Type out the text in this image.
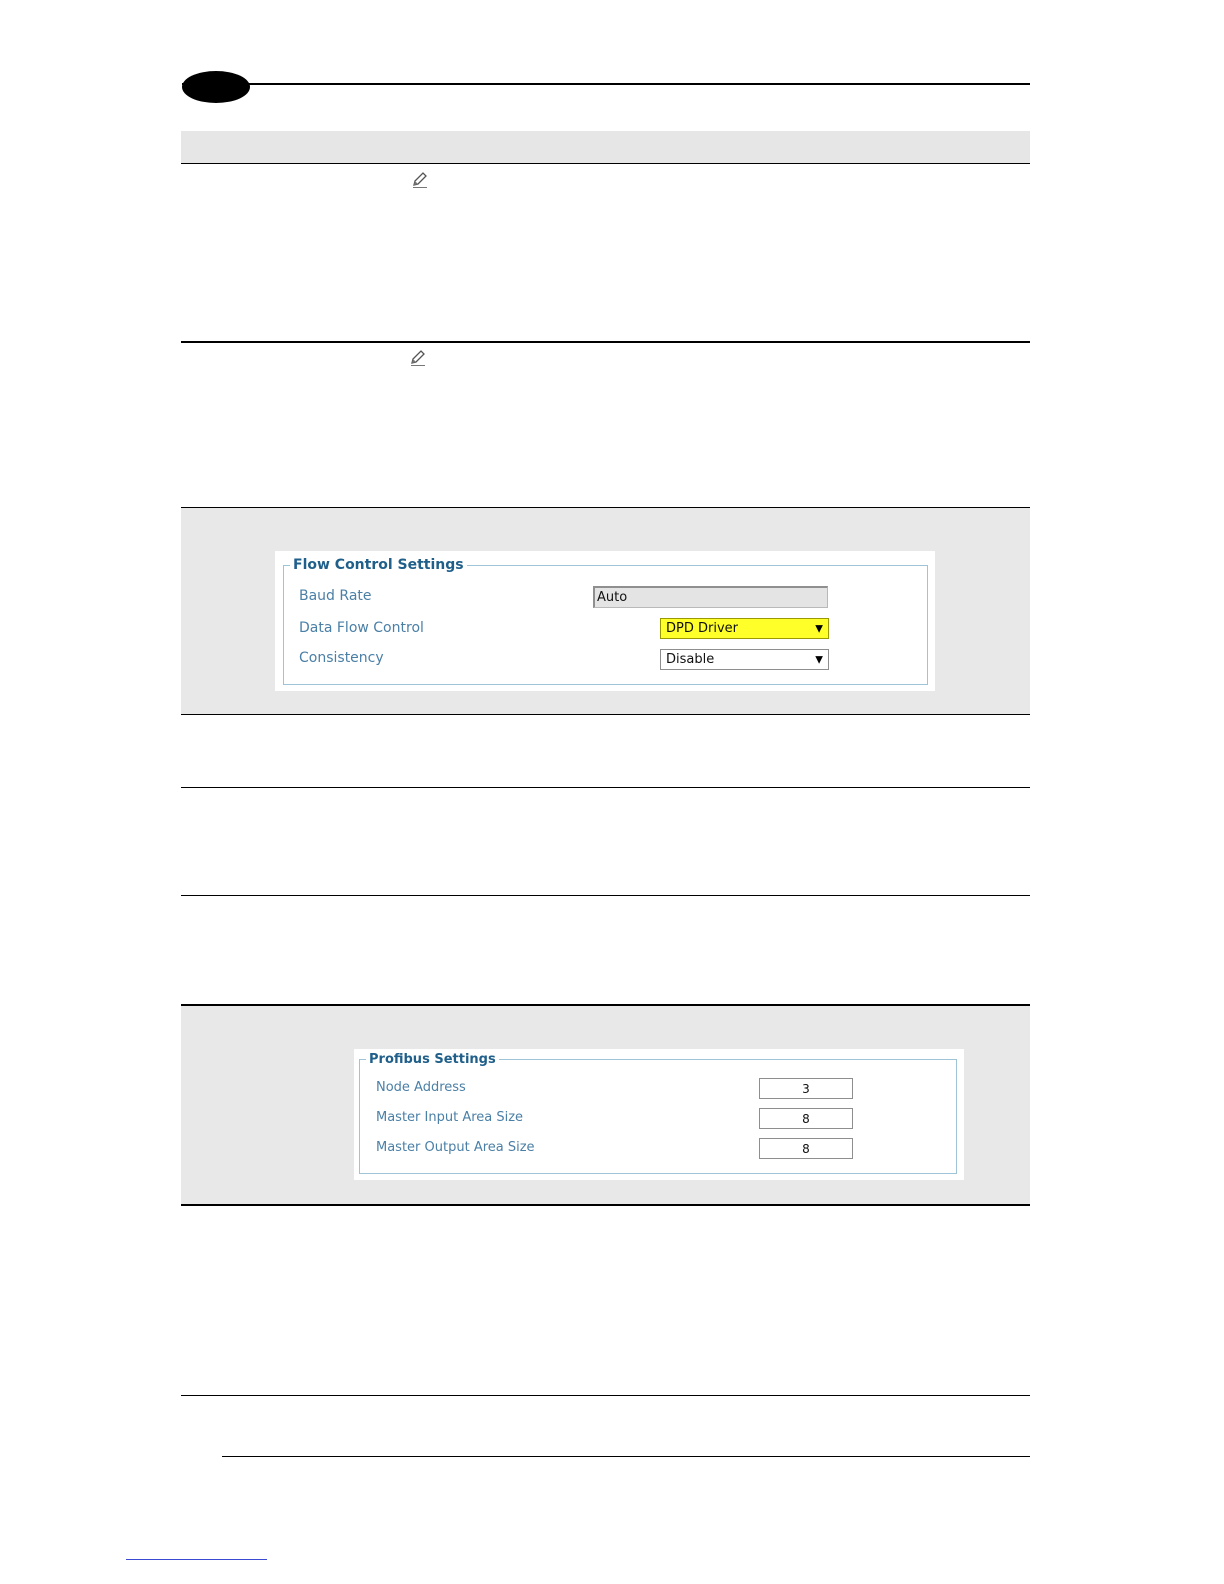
Flow Control Settings
Baud Rate	Auto
Data Flow Control	DPD Driver	▼
Consistency	Disable	▼
Profibus Settings
Node Address	3
Master Input Area Size	8
Master Output Area Size	8
